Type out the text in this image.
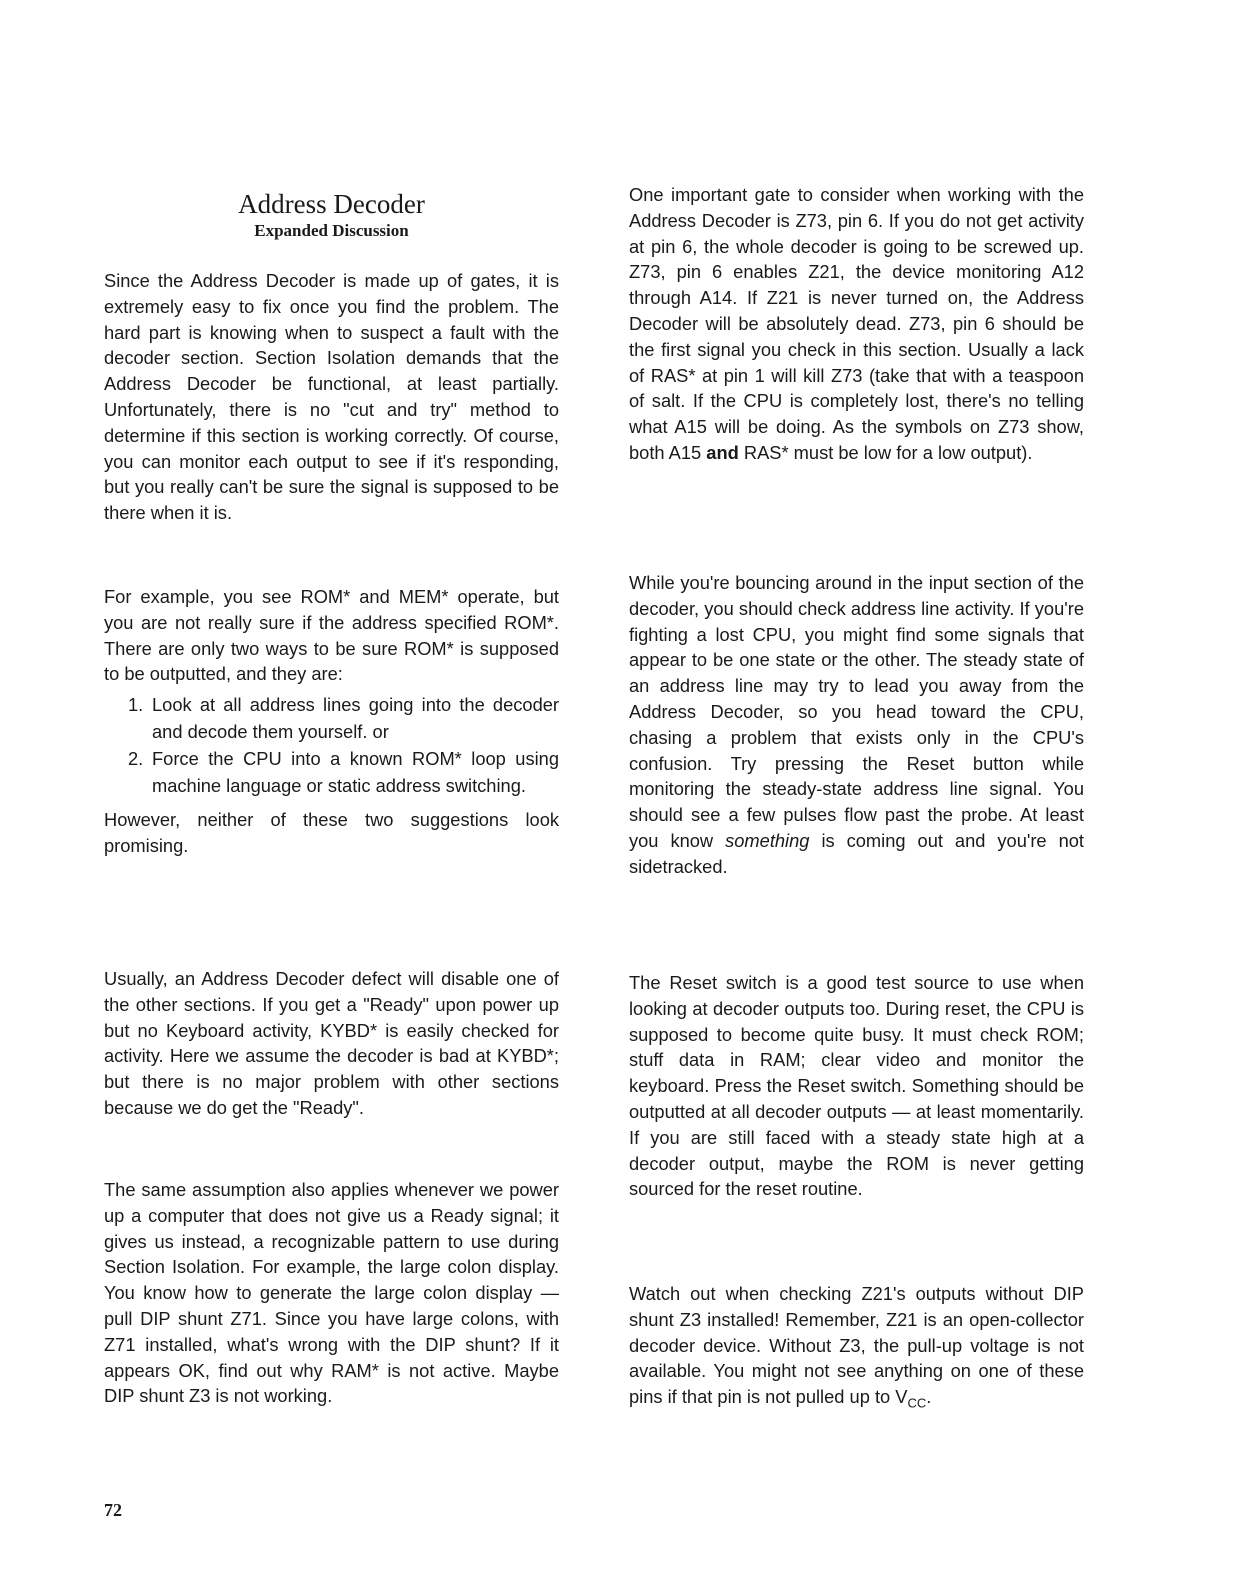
Address Decoder
Expanded Discussion

Since the Address Decoder is made up of gates, it is extremely easy to fix once you find the problem. The hard part is knowing when to suspect a fault with the decoder section. Section Isolation demands that the Address Decoder be functional, at least partially. Unfortunately, there is no "cut and try" method to determine if this section is working correctly. Of course, you can monitor each output to see if it's responding, but you really can't be sure the signal is supposed to be there when it is.

For example, you see ROM* and MEM* operate, but you are not really sure if the address specified ROM*. There are only two ways to be sure ROM* is supposed to be outputted, and they are:

1. Look at all address lines going into the decoder and decode them yourself. or
2. Force the CPU into a known ROM* loop using machine language or static address switching.

However, neither of these two suggestions look promising.

Usually, an Address Decoder defect will disable one of the other sections. If you get a "Ready" upon power up but no Keyboard activity, KYBD* is easily checked for activity. Here we assume the decoder is bad at KYBD*; but there is no major problem with other sections because we do get the "Ready".

The same assumption also applies whenever we power up a computer that does not give us a Ready signal; it gives us instead, a recognizable pattern to use during Section Isolation. For example, the large colon display. You know how to generate the large colon display — pull DIP shunt Z71. Since you have large colons, with Z71 installed, what's wrong with the DIP shunt? If it appears OK, find out why RAM* is not active. Maybe DIP shunt Z3 is not working.

One important gate to consider when working with the Address Decoder is Z73, pin 6. If you do not get activity at pin 6, the whole decoder is going to be screwed up. Z73, pin 6 enables Z21, the device monitoring A12 through A14. If Z21 is never turned on, the Address Decoder will be absolutely dead. Z73, pin 6 should be the first signal you check in this section. Usually a lack of RAS* at pin 1 will kill Z73 (take that with a teaspoon of salt. If the CPU is completely lost, there's no telling what A15 will be doing. As the symbols on Z73 show, both A15 and RAS* must be low for a low output).

While you're bouncing around in the input section of the decoder, you should check address line activity. If you're fighting a lost CPU, you might find some signals that appear to be one state or the other. The steady state of an address line may try to lead you away from the Address Decoder, so you head toward the CPU, chasing a problem that exists only in the CPU's confusion. Try pressing the Reset button while monitoring the steady-state address line signal. You should see a few pulses flow past the probe. At least you know something is coming out and you're not sidetracked.

The Reset switch is a good test source to use when looking at decoder outputs too. During reset, the CPU is supposed to become quite busy. It must check ROM; stuff data in RAM; clear video and monitor the keyboard. Press the Reset switch. Something should be outputted at all decoder outputs — at least momentarily. If you are still faced with a steady state high at a decoder output, maybe the ROM is never getting sourced for the reset routine.

Watch out when checking Z21's outputs without DIP shunt Z3 installed! Remember, Z21 is an open-collector decoder device. Without Z3, the pull-up voltage is not available. You might not see anything on one of these pins if that pin is not pulled up to $V_{CC}$.

72
